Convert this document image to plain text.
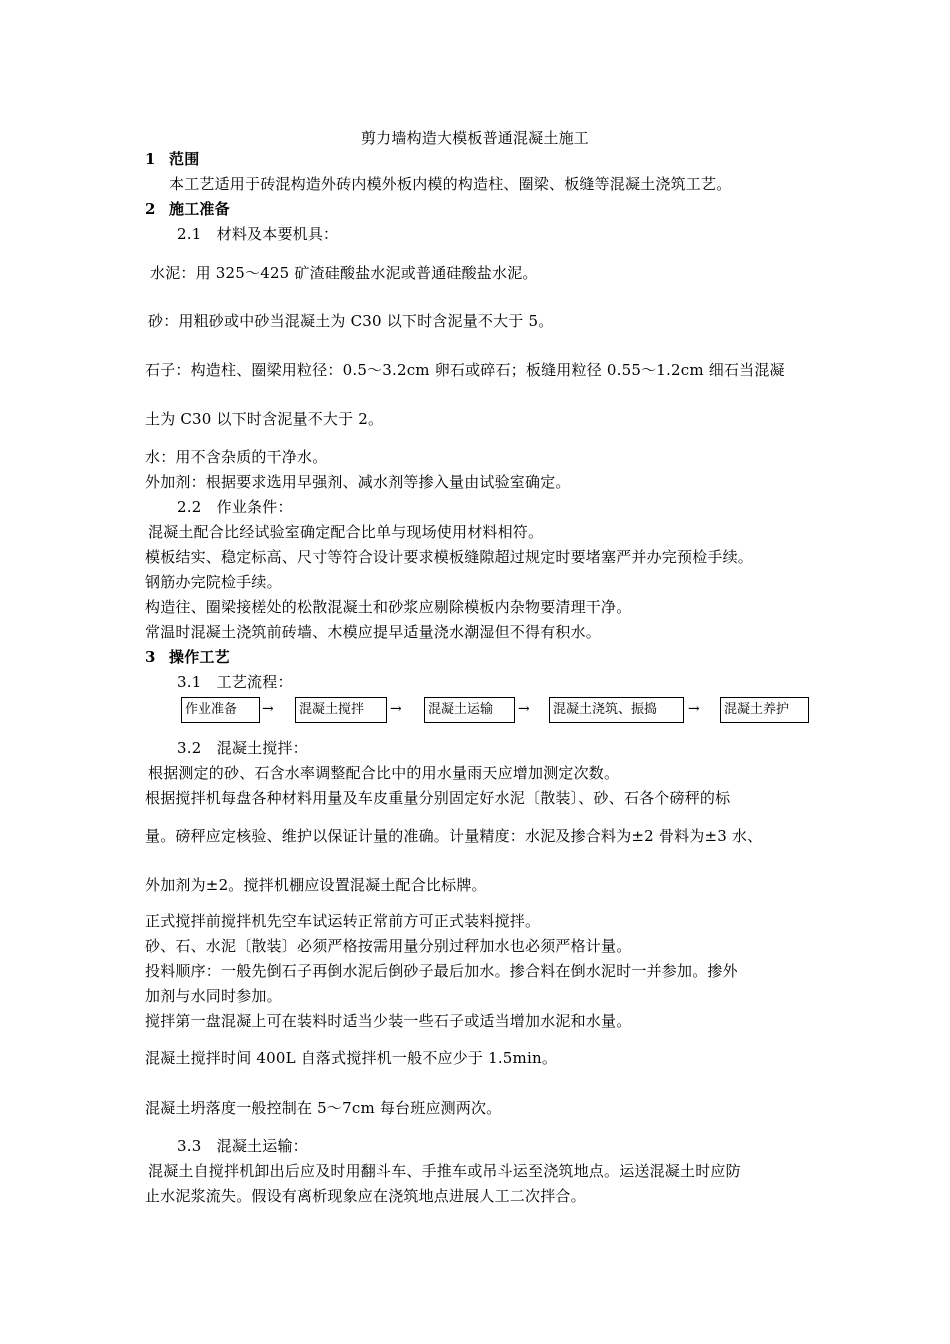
剪力墙构造大模板普通混凝土施工
1 范围
本工艺适用于砖混构造外砖内模外板内模的构造柱、圈梁、板缝等混凝土浇筑工艺。
2 施工准备
2.1　材料及本要机具：
水泥：用 325～425 矿渣硅酸盐水泥或普通硅酸盐水泥。
砂：用粗砂或中砂当混凝土为 C30 以下时含泥量不大于 5。
石子：构造柱、圈梁用粒径：0.5～3.2cm 卵石或碎石；板缝用粒径 0.55～1.2cm 细石当混凝
土为 C30 以下时含泥量不大于 2。
水：用不含杂质的干净水。
外加剂：根据要求选用早强剂、减水剂等掺入量由试验室确定。
2.2　作业条件：
混凝土配合比经试验室确定配合比单与现场使用材料相符。
模板结实、稳定标高、尺寸等符合设计要求模板缝隙超过规定时要堵塞严并办完预检手续。
钢筋办完院检手续。
构造往、圈梁接槎处的松散混凝土和砂浆应剔除模板内杂物要清理干净。
常温时混凝土浇筑前砖墙、木模应提早适量浇水潮湿但不得有积水。
3 操作工艺
3.1　工艺流程：
作业准备	→	混凝土搅拌	→	混凝土运输	→	混凝土浇筑、振捣	→	混凝土养护
3.2　混凝土搅拌：
根据测定的砂、石含水率调整配合比中的用水量雨天应增加测定次数。
根据搅拌机每盘各种材料用量及车皮重量分别固定好水泥〔散装〕、砂、石各个磅秤的标
量。磅秤应定核验、维护以保证计量的准确。计量精度：水泥及掺合料为±2 骨料为±3 水、
外加剂为±2。搅拌机棚应设置混凝土配合比标牌。
正式搅拌前搅拌机先空车试运转正常前方可正式装料搅拌。
砂、石、水泥〔散装〕必须严格按需用量分别过秤加水也必须严格计量。
投料顺序：一般先倒石子再倒水泥后倒砂子最后加水。掺合料在倒水泥时一并参加。掺外
加剂与水同时参加。
搅拌第一盘混凝上可在装料时适当少装一些石子或适当增加水泥和水量。
混凝土搅拌时间 400L 自落式搅拌机一般不应少于 1.5min。
混凝土坍落度一般控制在 5～7cm 每台班应测两次。
3.3　混凝土运输：
混凝土自搅拌机卸出后应及时用翻斗车、手推车或吊斗运至浇筑地点。运送混凝土时应防
止水泥浆流失。假设有离析现象应在浇筑地点进展人工二次拌合。
